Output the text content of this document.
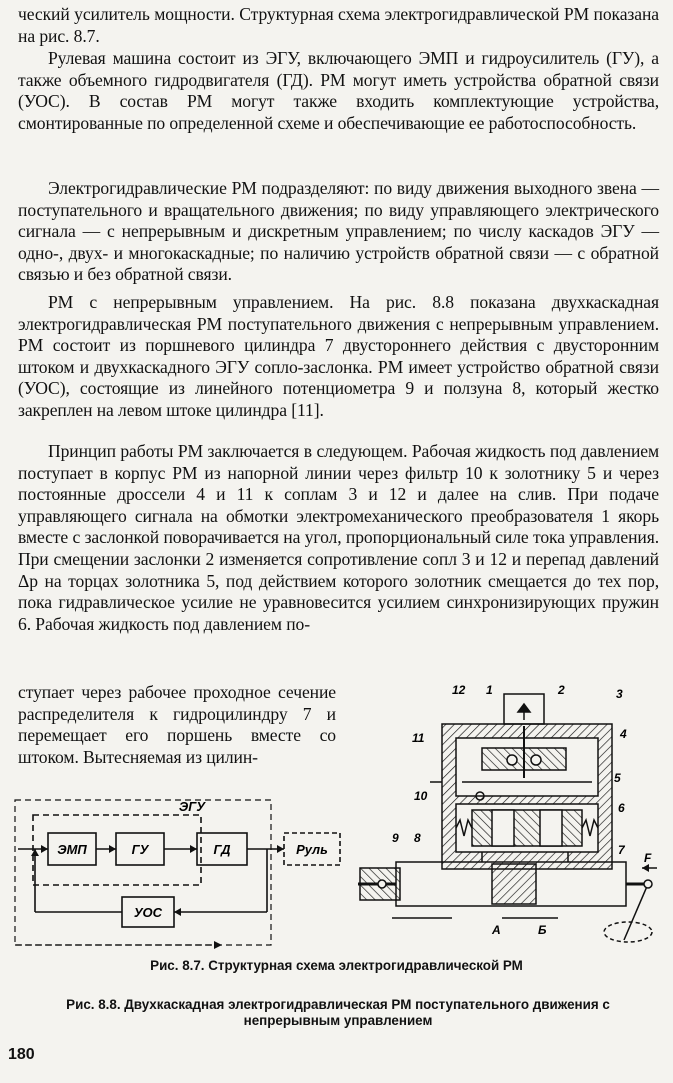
ческий усилитель мощности. Структурная схема электрогидравлической РМ показана на рис. 8.7.

Рулевая машина состоит из ЭГУ, включающего ЭМП и гидроусилитель (ГУ), а также объемного гидродвигателя (ГД). РМ могут иметь устройства обратной связи (УОС). В состав РМ могут также входить комплектующие устройства, смонтированные по определенной схеме и обеспечивающие ее работоспособность.

Электрогидравлические РМ подразделяют: по виду движения выходного звена — поступательного и вращательного движения; по виду управляющего электрического сигнала — с непрерывным и дискретным управлением; по числу каскадов ЭГУ — одно-, двух- и многокаскадные; по наличию устройств обратной связи — с обратной связью и без обратной связи.

РМ с непрерывным управлением. На рис. 8.8 показана двухкаскадная электрогидравлическая РМ поступательного движения с непрерывным управлением. РМ состоит из поршневого цилиндра 7 двустороннего действия с двусторонним штоком и двухкаскадного ЭГУ сопло-заслонка. РМ имеет устройство обратной связи (УОС), состоящие из линейного потенциометра 9 и ползуна 8, который жестко закреплен на левом штоке цилиндра [11].

Принцип работы РМ заключается в следующем. Рабочая жидкость под давлением поступает в корпус РМ из напорной линии через фильтр 10 к золотнику 5 и через постоянные дроссели 4 и 11 к соплам 3 и 12 и далее на слив. При подаче управляющего сигнала на обмотки электромеханического преобразователя 1 якорь вместе с заслонкой поворачивается на угол, пропорциональный силе тока управления. При смещении заслонки 2 изменяется сопротивление сопл 3 и 12 и перепад давлений Δp на торцах золотника 5, под действием которого золотник смещается до тех пор, пока гидравлическое усилие не уравновесится усилием синхронизирующих пружин 6. Рабочая жидкость под давлением по-

ступает через рабочее проходное сечение распределителя к гидроцилиндру 7 и перемещает его поршень вместе со штоком. Вытесняемая из цилин-

ЭГУ
ЭМП	ГУ	ГД	Руль
УОС
12 1	2	3
4
11
5
10
6
9 8
7
F
А	Б

Рис. 8.7. Структурная схема электрогидравлической РМ

Рис. 8.8. Двухкаскадная электрогидравлическая РМ поступательного движения с непрерывным управлением

180
